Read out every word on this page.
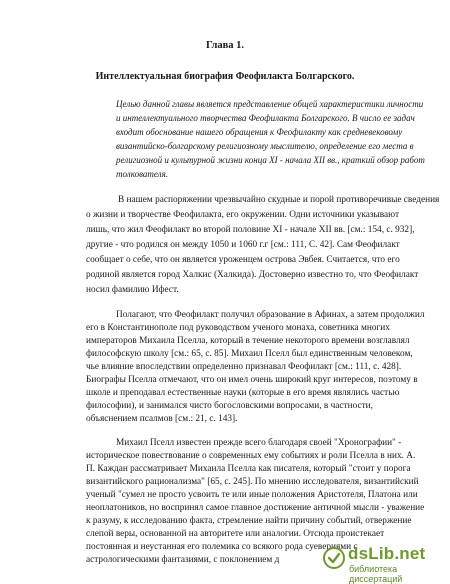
Глава 1.
Интеллектуальная биография Феофилакта Болгарского.
Целью данной главы является представление общей характеристики личности
и интеллектуального творчества Феофилакта Болгарского. В число ее задач
входит обоснование нашего обращения к Феофилакту как средневековому
византийско-болгарскому религиозному мыслителю, определение его места в
религиозной и культурной жизни конца XI - начала XII вв., краткий обзор работ
толкователя.
В нашем распоряжении чрезвычайно скудные и порой противоречивые сведения
о жизни и творчестве Феофилакта, его окружении. Одни источники указывают
лишь, что жил Феофилакт во второй половине XI - начале XII вв. [см.: 154, с. 932],
другие - что родился он между 1050 и 1060 г.г [см.: 111, С. 42]. Сам Феофилакт
сообщает о себе, что он является уроженцем острова Эвбея. Считается, что его
родиной является город Халкис (Халкида). Достоверно известно то, что Феофилакт
носил фамилию Ифест.
Полагают, что Феофилакт получил образование в Афинах, а затем продолжил
его в Константинополе под руководством ученого монаха, советника многих
императоров Михаила Пселла, который в течение некоторого времени возглавлял
философскую школу [см.: 65, с. 85]. Михаил Пселл был единственным человеком,
чье влияние впоследствии определенно признавал Феофилакт [см.: 111, с. 428].
Биографы Пселла отмечают, что он имел очень широкий круг интересов, поэтому в
школе и преподавал естественные науки (которые в его время являлись частью
философии), и занимался чисто богословскими вопросами, в частности,
объяснением псалмов [см.: 21, с. 143].
Михаил Пселл известен прежде всего благодаря своей "Хронографии" -
историческое повествование о современных ему событиях и роли Пселла в них. А.
П. Каждан рассматривает Михаила Пселла как писателя, который "стоит у порога
византийского рационализма" [65, с. 245]. По мнению исследователя, византийский
ученый "сумел не просто усвоить те или иные положения Аристотеля, Платона или
неоплатоников, но воспринял самое главное достижение античной мысли - уважение
к разуму, к исследованию факта, стремление найти причину событий, отвержение
слепой веры, основанной на авторитете или аналогии. Отсюда проистекает
постоянная и неустанная его полемика со всякого рода суевериями с
астрологическими фантазиями, с поклонением д	dsLib.net
библиотека диссертаций
